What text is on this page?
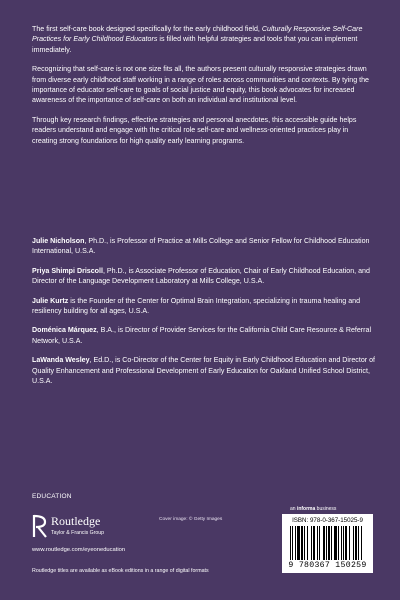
The first self-care book designed specifically for the early childhood field, Culturally Responsive Self-Care Practices for Early Childhood Educators is filled with helpful strategies and tools that you can implement immediately.

Recognizing that self-care is not one size fits all, the authors present culturally responsive strategies drawn from diverse early childhood staff working in a range of roles across communities and contexts. By tying the importance of educator self-care to goals of social justice and equity, this book advocates for increased awareness of the importance of self-care on both an individual and institutional level.

Through key research findings, effective strategies and personal anecdotes, this accessible guide helps readers understand and engage with the critical role self-care and wellness-oriented practices play in creating strong foundations for high quality early learning programs.

Julie Nicholson, Ph.D., is Professor of Practice at Mills College and Senior Fellow for Childhood Education International, U.S.A.

Priya Shimpi Driscoll, Ph.D., is Associate Professor of Education, Chair of Early Childhood Education, and Director of the Language Development Laboratory at Mills College, U.S.A.

Julie Kurtz is the Founder of the Center for Optimal Brain Integration, specializing in trauma healing and resiliency building for all ages, U.S.A.

Doménica Márquez, B.A., is Director of Provider Services for the California Child Care Resource & Referral Network, U.S.A.

LaWanda Wesley, Ed.D., is Co-Director of the Center for Equity in Early Childhood Education and Director of Quality Enhancement and Professional Development of Early Education for Oakland Unified School District, U.S.A.

EDUCATION
Routledge
Taylor & Francis Group
www.routledge.com/eyeoneducation
Routledge titles are available as eBook editions in a range of digital formats
Cover image: © Getty Images
an informa business
ISBN: 978-0-367-15025-9
9 780367 150259
